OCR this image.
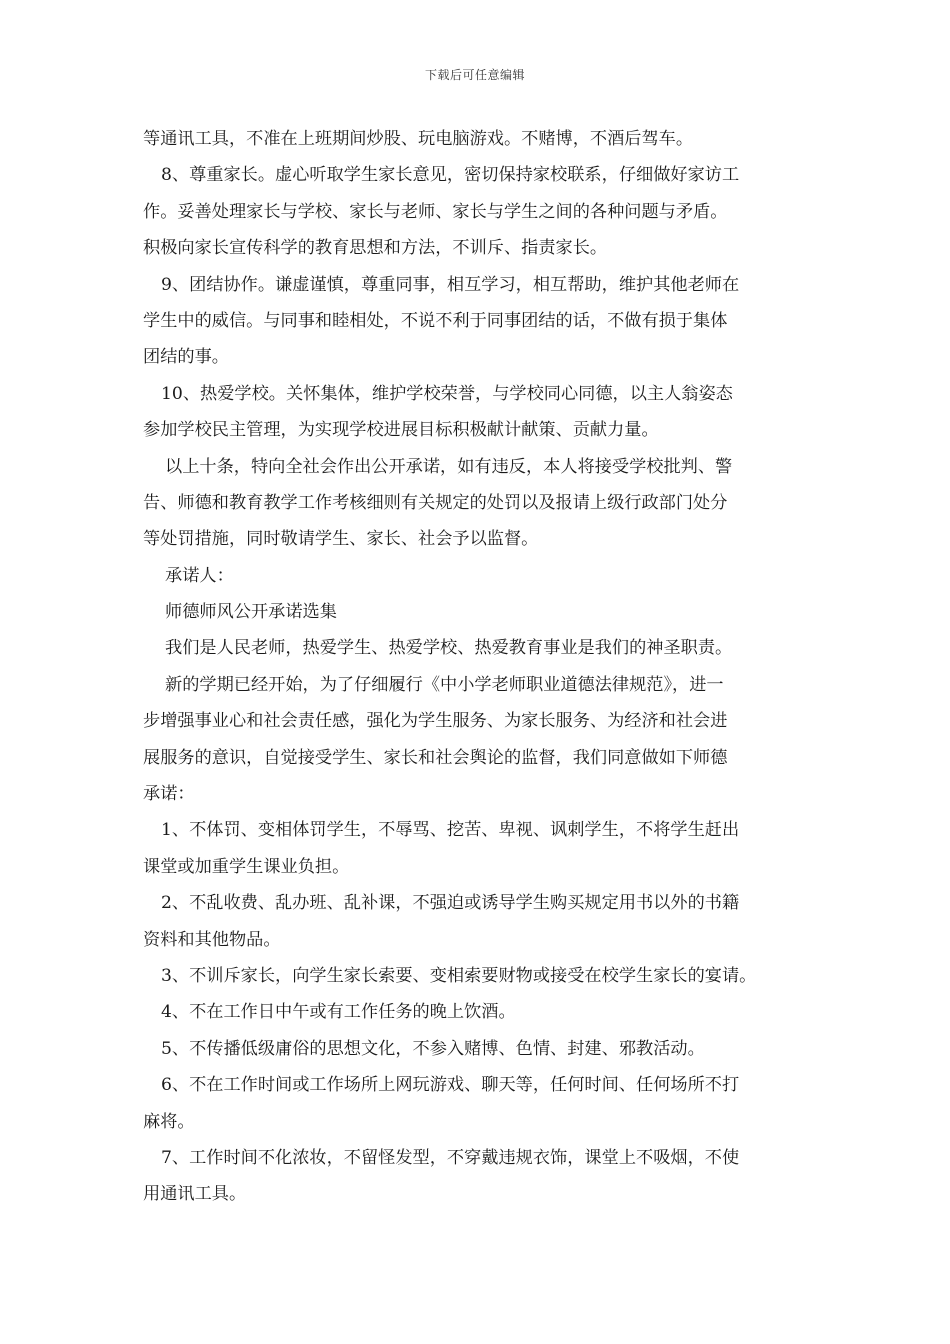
下载后可任意编辑
等通讯工具，不准在上班期间炒股、玩电脑游戏。不赌博，不酒后驾车。
8、尊重家长。虚心听取学生家长意见，密切保持家校联系，仔细做好家访工
作。妥善处理家长与学校、家长与老师、家长与学生之间的各种问题与矛盾。
积极向家长宣传科学的教育思想和方法，不训斥、指责家长。
9、团结协作。谦虚谨慎，尊重同事，相互学习，相互帮助，维护其他老师在
学生中的威信。与同事和睦相处，不说不利于同事团结的话，不做有损于集体
团结的事。
10、热爱学校。关怀集体，维护学校荣誉，与学校同心同德，以主人翁姿态
参加学校民主管理，为实现学校进展目标积极献计献策、贡献力量。
以上十条，特向全社会作出公开承诺，如有违反，本人将接受学校批判、警
告、师德和教育教学工作考核细则有关规定的处罚以及报请上级行政部门处分
等处罚措施，同时敬请学生、家长、社会予以监督。
承诺人：
师德师风公开承诺选集
我们是人民老师，热爱学生、热爱学校、热爱教育事业是我们的神圣职责。
新的学期已经开始，为了仔细履行《中小学老师职业道德法律规范》，进一
步增强事业心和社会责任感，强化为学生服务、为家长服务、为经济和社会进
展服务的意识，自觉接受学生、家长和社会舆论的监督，我们同意做如下师德
承诺：
1、不体罚、变相体罚学生，不辱骂、挖苦、卑视、讽刺学生，不将学生赶出
课堂或加重学生课业负担。
2、不乱收费、乱办班、乱补课，不强迫或诱导学生购买规定用书以外的书籍
资料和其他物品。
3、不训斥家长，向学生家长索要、变相索要财物或接受在校学生家长的宴请。
4、不在工作日中午或有工作任务的晚上饮酒。
5、不传播低级庸俗的思想文化，不参入赌博、色情、封建、邪教活动。
6、不在工作时间或工作场所上网玩游戏、聊天等，任何时间、任何场所不打
麻将。
7、工作时间不化浓妆，不留怪发型，不穿戴违规衣饰，课堂上不吸烟，不使
用通讯工具。
